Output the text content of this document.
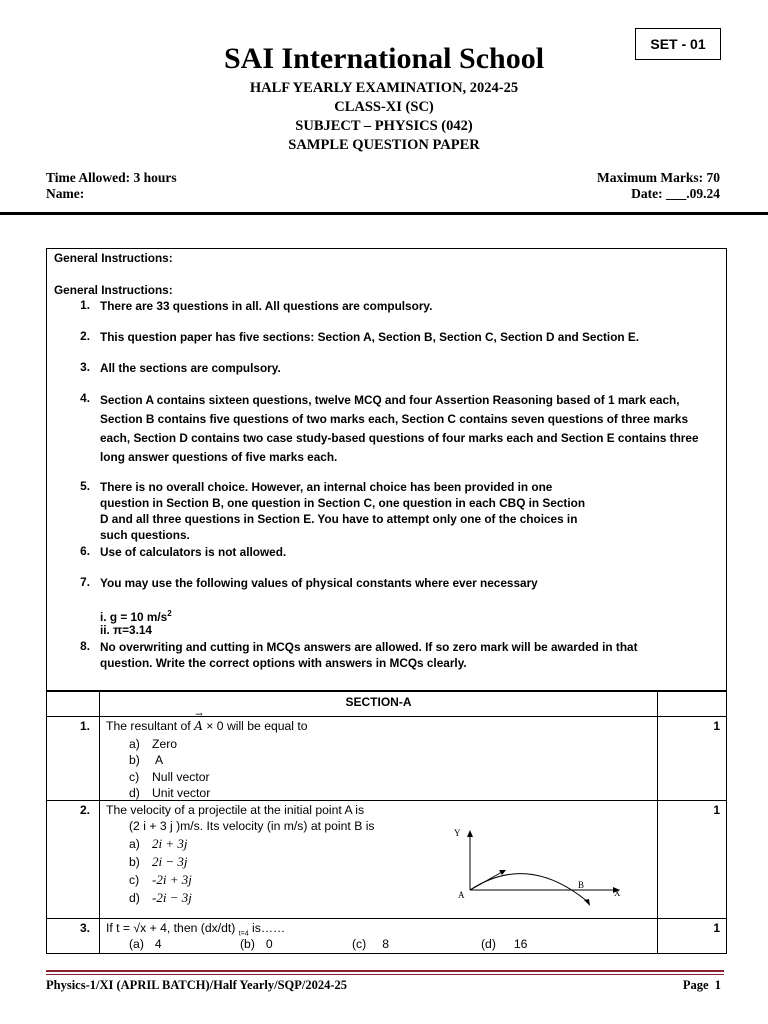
SET - 01
SAI International School
HALF YEARLY EXAMINATION, 2024-25
CLASS-XI (SC)
SUBJECT – PHYSICS (042)
SAMPLE QUESTION PAPER
Time Allowed: 3 hours
Name:
Maximum Marks: 70
Date: ___.09.24
General Instructions:
General Instructions:
1. There are 33 questions in all. All questions are compulsory.
2. This question paper has five sections: Section A, Section B, Section C, Section D and Section E.
3. All the sections are compulsory.
4. Section A contains sixteen questions, twelve MCQ and four Assertion Reasoning based of 1 mark each,
Section B contains five questions of two marks each, Section C contains seven questions of three marks
each, Section D contains two case study-based questions of four marks each and Section E contains three
long answer questions of five marks each.
5. There is no overall choice. However, an internal choice has been provided in one
question in Section B, one question in Section C, one question in each CBQ in Section
D and all three questions in Section E. You have to attempt only one of the choices in
such questions.
6. Use of calculators is not allowed.
7. You may use the following values of physical constants where ever necessary
i. g = 10 $m/s^2$
ii. π=3.14
8. No overwriting and cutting in MCQs answers are allowed. If so zero mark will be awarded in that
question. Write the correct options with answers in MCQs clearly.
SECTION-A
1. The resultant of
→
A × 0 will be equal to
a) Zero
b) A
c) Null vector
d) Unit vector
1
2. The velocity of a projectile at the initial point A is
(2 i + 3 j )m/s. Its velocity (in m/s) at point B is
a) 2i + 3j
b) 2i − 3j
c) -2i + 3j
d) -2i − 3j
1
Y
X
A
B
3. If t = √x + 4, then (dx/dt) $_{t=4}$ is……
(a) 4	(b) 0	(c) 8	(d) 16
1
Physics-1/XI (APRIL BATCH)/Half Yearly/SQP/2024-25	Page 1
